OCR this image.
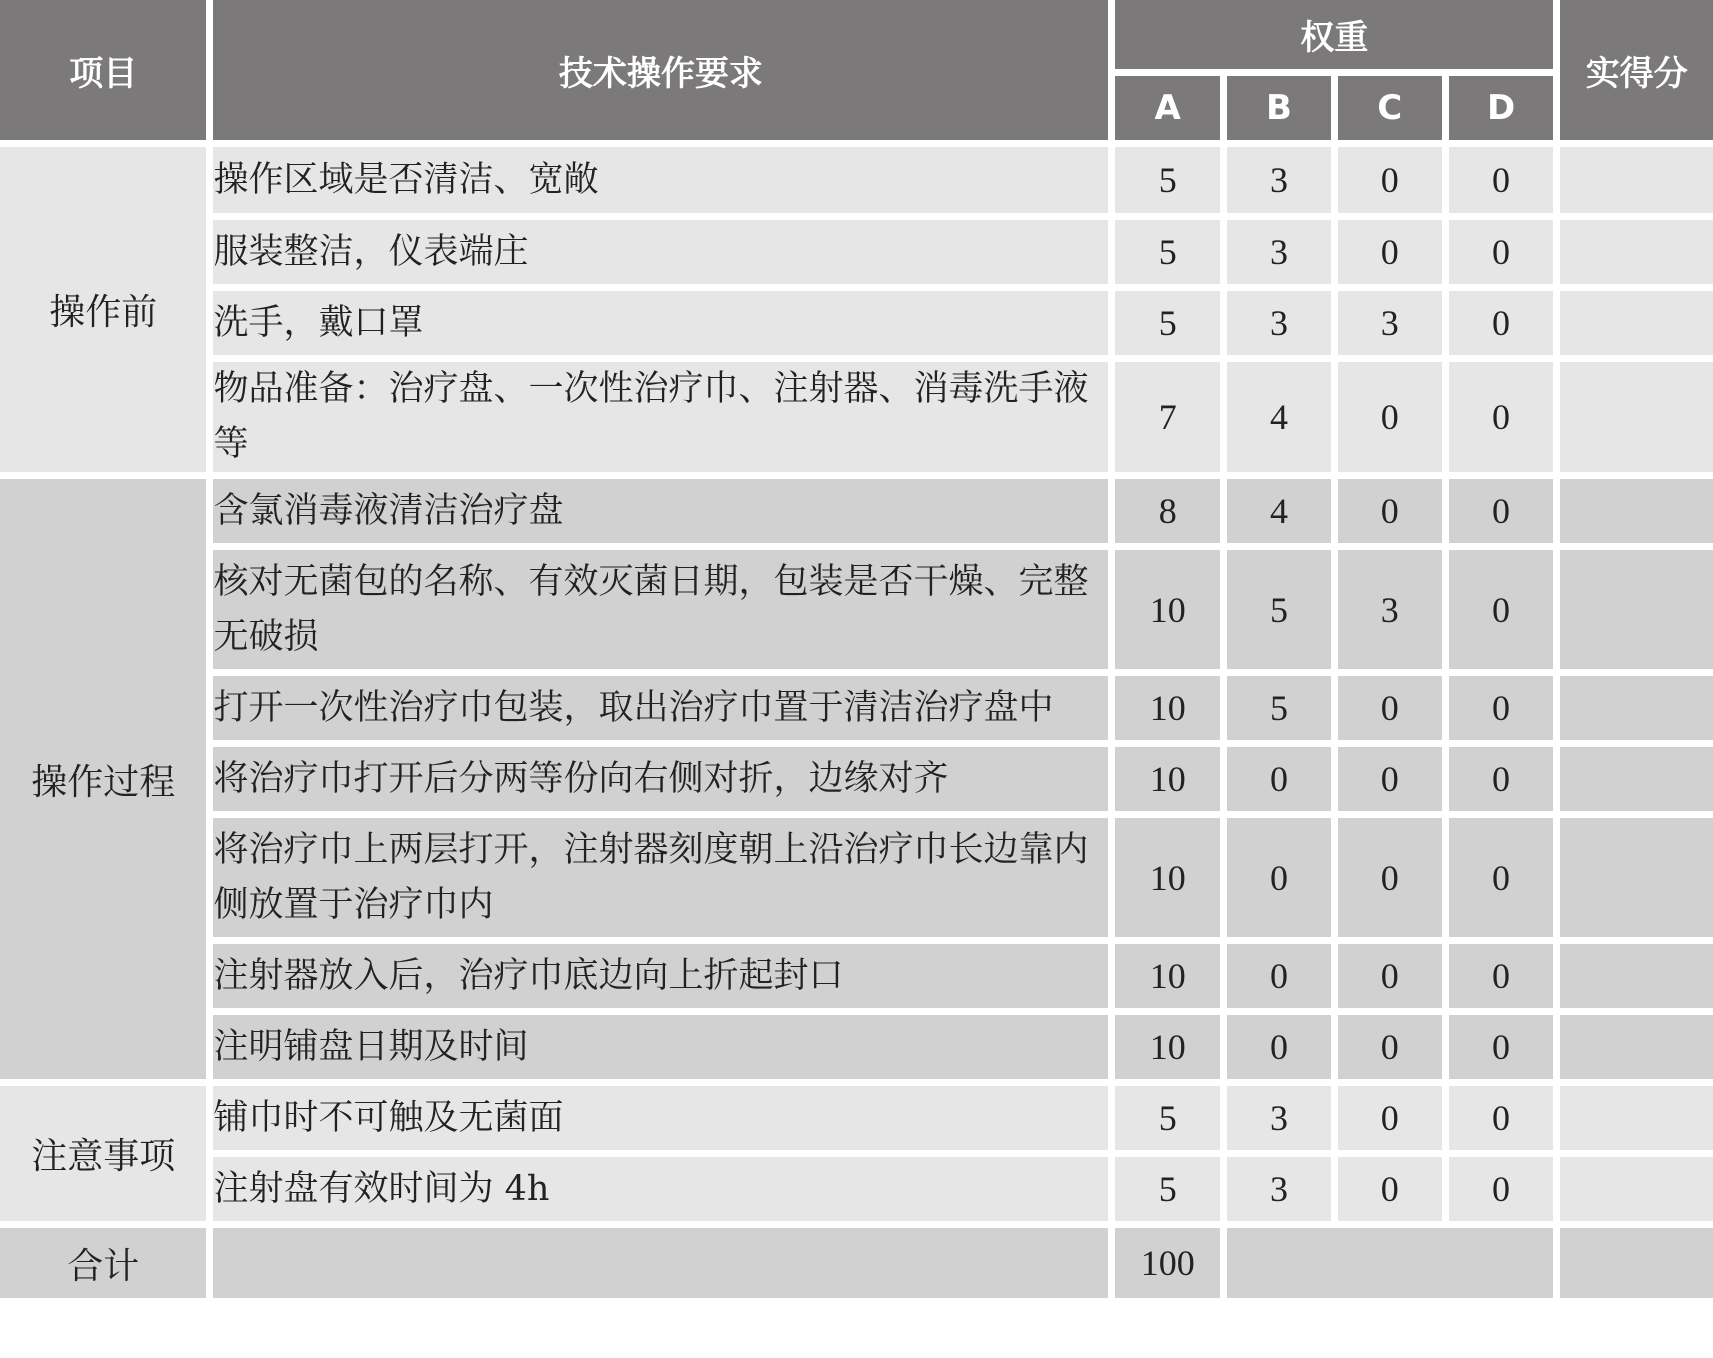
项目	技术操作要求	权重				实得分
		A	B	C	D	
操作前	操作区域是否清洁、宽敞	5	3	0	0	
	服装整洁，仪表端庄	5	3	0	0	
	洗手，戴口罩	5	3	3	0	
	物品准备：治疗盘、一次性治疗巾、注射器、消毒洗手液等	7	4	0	0	
操作过程	含氯消毒液清洁治疗盘	8	4	0	0	
	核对无菌包的名称、有效灭菌日期，包装是否干燥、完整无破损	10	5	3	0	
	打开一次性治疗巾包装，取出治疗巾置于清洁治疗盘中	10	5	0	0	
	将治疗巾打开后分两等份向右侧对折，边缘对齐	10	0	0	0	
	将治疗巾上两层打开，注射器刻度朝上沿治疗巾长边靠内侧放置于治疗巾内	10	0	0	0	
	注射器放入后，治疗巾底边向上折起封口	10	0	0	0	
	注明铺盘日期及时间	10	0	0	0	
注意事项	铺巾时不可触及无菌面	5	3	0	0	
	注射盘有效时间为 4h	5	3	0	0	
合计		100				
